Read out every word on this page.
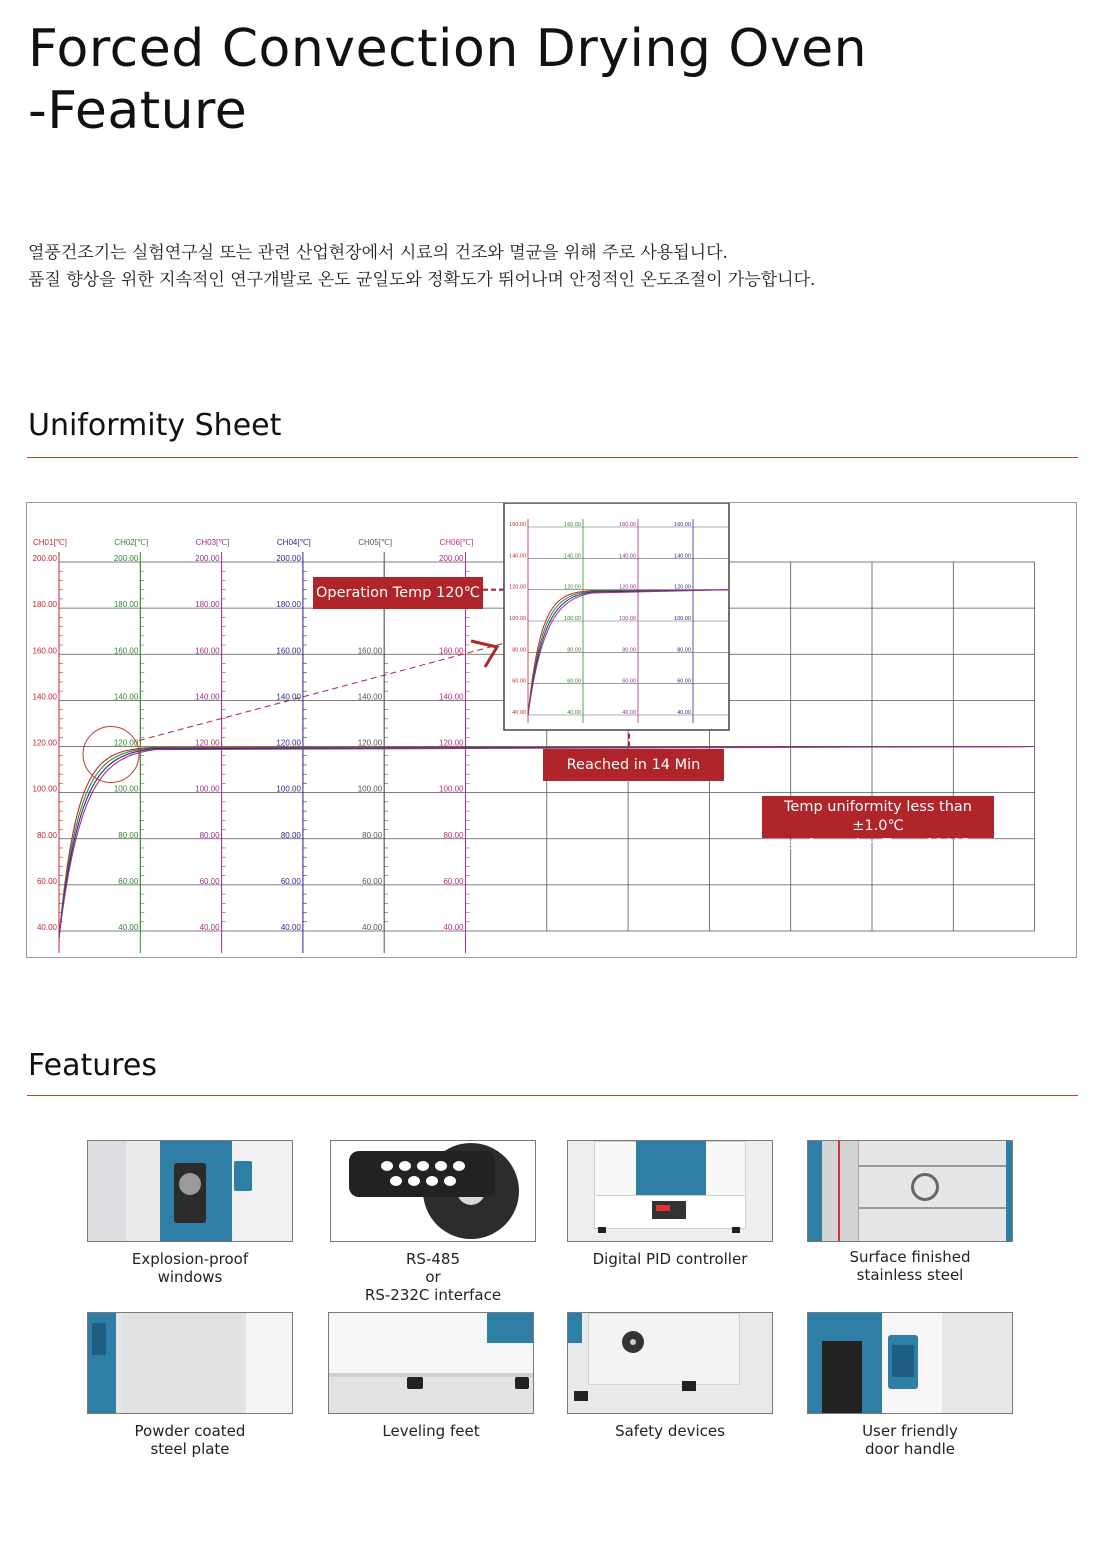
Forced Convection Drying Oven
-Feature
열풍건조기는 실험연구실 또는 관련 산업현장에서 시료의 건조와 멸균을 위해 주로 사용됩니다.
품질 향상을 위한 지속적인 연구개발로 온도 균일도와 정확도가 뛰어나며 안정적인 온도조절이 가능합니다.
Uniformity Sheet
CH01[℃]
200.00
180.00
160.00
140.00
120.00
100.00
80.00
60.00
40.00
CH02[℃]
200.00
180.00
160.00
140.00
120.00
100.00
80.00
60.00
40.00
CH03[℃]
200.00
180.00
160.00
140.00
120.00
100.00
80.00
60.00
40.00
CH04[℃]
200.00
180.00
160.00
140.00
120.00
100.00
80.00
60.00
40.00
CH05[℃]
160.00
140.00
120.00
100.00
80.00
60.00
40.00
CH06[℃]
200.00
160.00
140.00
120.00
100.00
80.00
60.00
40.00
160.00
140.00
120.00
100.00
80.00
60.00
40.00
160.00
140.00
120.00
100.00
80.00
60.00
40.00
160.00
140.00
120.00
100.00
80.00
60.00
40.00
160.00
140.00
120.00
100.00
80.00
60.00
40.00
Operation Temp 120℃
Reached in 14 Min
Temp uniformity less than ±1.0℃
at Operation Temp 120℃
Features
Explosion-proof
windows
RS-485
or
RS-232C interface
Digital PID controller	Surface finished
stainless steel
Powder coated
steel plate
Leveling feet	Safety devices	User friendly
door handle
